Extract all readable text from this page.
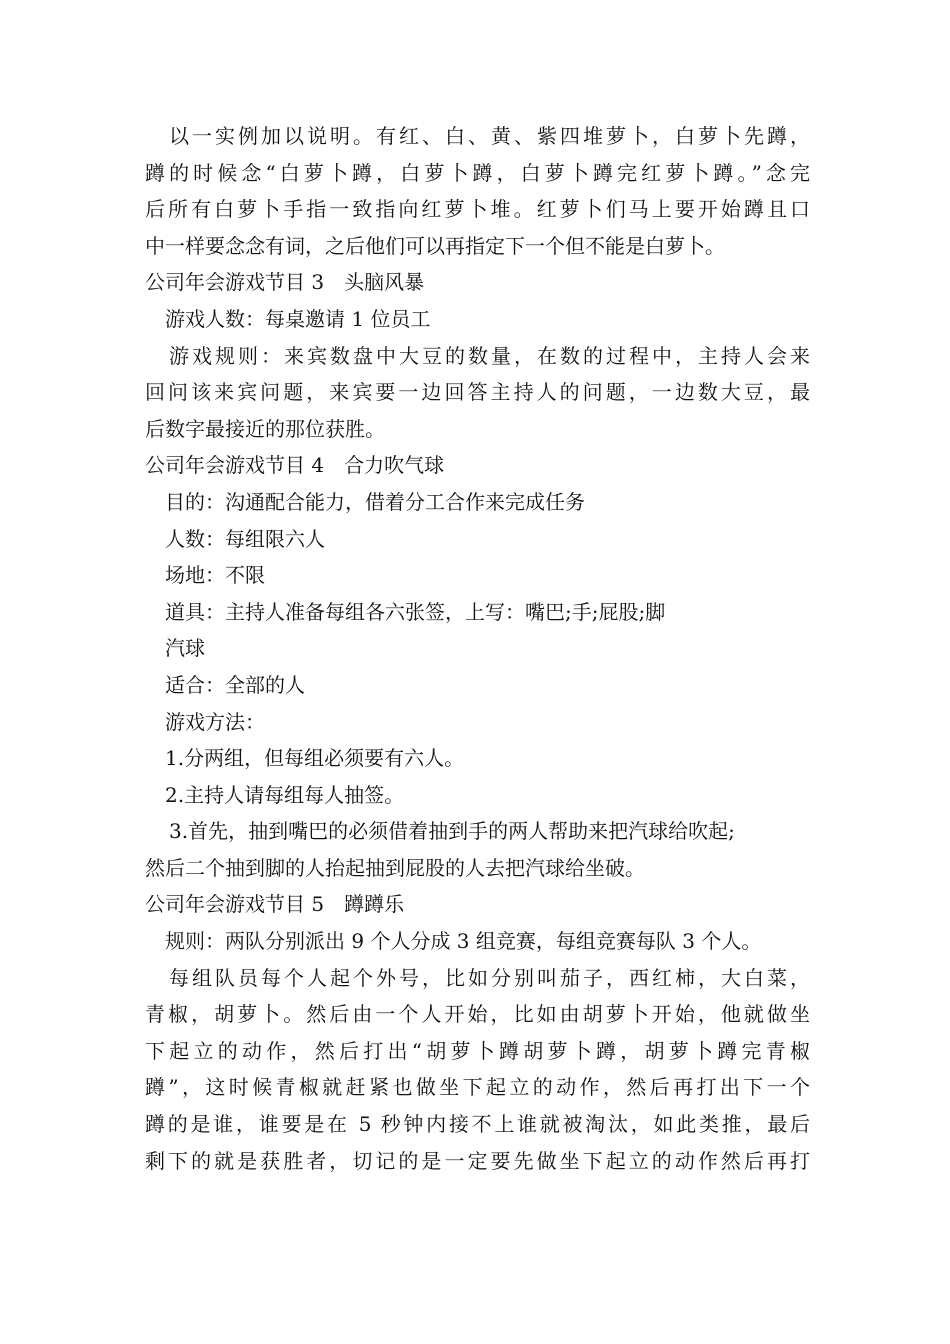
以一实例加以说明。有红、白、黄、紫四堆萝卜，白萝卜先蹲，

蹲的时候念“白萝卜蹲，白萝卜蹲，白萝卜蹲完红萝卜蹲。”念完

后所有白萝卜手指一致指向红萝卜堆。红萝卜们马上要开始蹲且口

中一样要念念有词，之后他们可以再指定下一个但不能是白萝卜。

公司年会游戏节目 3　头脑风暴

游戏人数：每桌邀请 1 位员工

游戏规则：来宾数盘中大豆的数量，在数的过程中，主持人会来

回问该来宾问题，来宾要一边回答主持人的问题，一边数大豆，最

后数字最接近的那位获胜。

公司年会游戏节目 4　合力吹气球

目的：沟通配合能力，借着分工合作来完成任务

人数：每组限六人

场地：不限

道具：主持人准备每组各六张签，上写：嘴巴;手;屁股;脚

汽球

适合：全部的人

游戏方法：

1.分两组，但每组必须要有六人。

2.主持人请每组每人抽签。

3.首先，抽到嘴巴的必须借着抽到手的两人帮助来把汽球给吹起;

然后二个抽到脚的人抬起抽到屁股的人去把汽球给坐破。

公司年会游戏节目 5　蹲蹲乐

规则：两队分别派出 9 个人分成 3 组竞赛，每组竞赛每队 3 个人。

每组队员每个人起个外号，比如分别叫茄子，西红柿，大白菜，

青椒，胡萝卜。然后由一个人开始，比如由胡萝卜开始，他就做坐

下起立的动作，然后打出“胡萝卜蹲胡萝卜蹲，胡萝卜蹲完青椒

蹲”，这时候青椒就赶紧也做坐下起立的动作，然后再打出下一个

蹲的是谁，谁要是在 5 秒钟内接不上谁就被淘汰，如此类推，最后

剩下的就是获胜者，切记的是一定要先做坐下起立的动作然后再打
